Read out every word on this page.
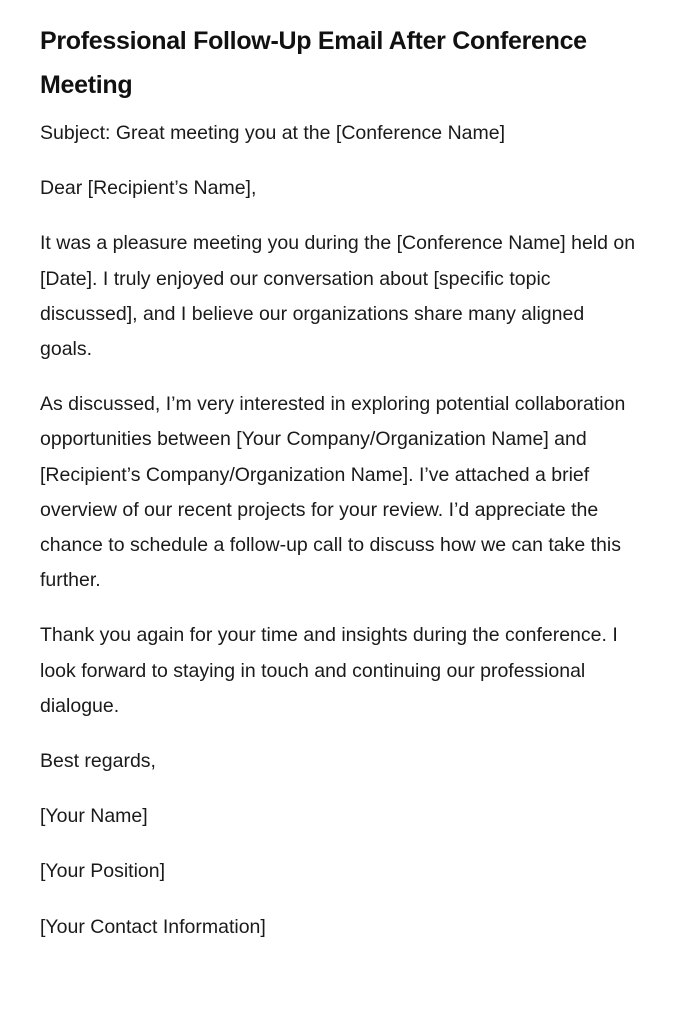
Professional Follow-Up Email After Conference Meeting

Subject: Great meeting you at the [Conference Name]

Dear [Recipient’s Name],

It was a pleasure meeting you during the [Conference Name] held on [Date]. I truly enjoyed our conversation about [specific topic discussed], and I believe our organizations share many aligned goals.

As discussed, I’m very interested in exploring potential collaboration opportunities between [Your Company/Organization Name] and [Recipient’s Company/Organization Name]. I’ve attached a brief overview of our recent projects for your review. I’d appreciate the chance to schedule a follow-up call to discuss how we can take this further.

Thank you again for your time and insights during the conference. I look forward to staying in touch and continuing our professional dialogue.

Best regards,

[Your Name]

[Your Position]

[Your Contact Information]
